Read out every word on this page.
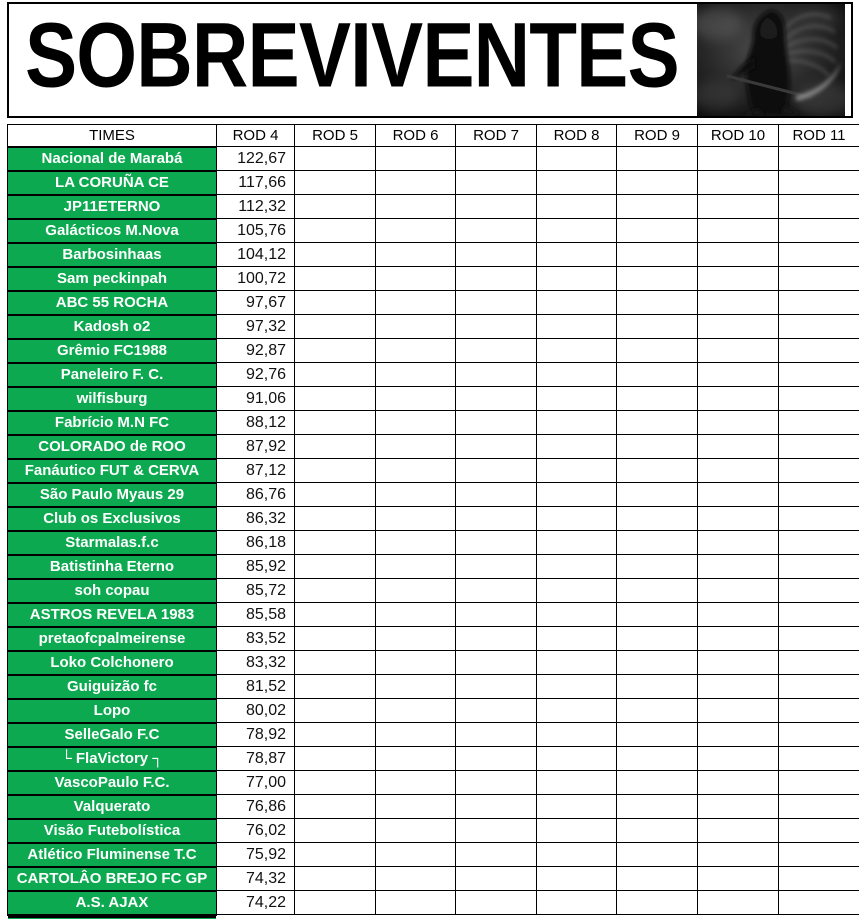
SOBREVIVENTES
TIMES	ROD 4	ROD 5	ROD 6	ROD 7	ROD 8	ROD 9	ROD 10	ROD 11
Nacional de Marabá	122,67							
LA CORUÑA CE	117,66							
JP11ETERNO	112,32							
Galácticos M.Nova	105,76							
Barbosinhaas	104,12							
Sam peckinpah	100,72							
ABC 55 ROCHA	97,67							
Kadosh o2	97,32							
Grêmio FC1988	92,87							
Paneleiro F. C.	92,76							
wilfisburg	91,06							
Fabrício M.N FC	88,12							
COLORADO de ROO	87,92							
Fanáutico FUT & CERVA	87,12							
São Paulo Myaus 29	86,76							
Club os Exclusivos	86,32							
Starmalas.f.c	86,18							
Batistinha Eterno	85,92							
soh copau	85,72							
ASTROS REVELA 1983	85,58							
pretaofcpalmeirense	83,52							
Loko Colchonero	83,32							
Guiguizão fc	81,52							
Lopo	80,02							
SelleGalo F.C	78,92							
└ FlaVictory ┐	78,87							
VascoPaulo F.C.	77,00							
Valquerato	76,86							
Visão Futebolística	76,02							
Atlético Fluminense T.C	75,92							
CARTOLÂO BREJO FC GP	74,32							
A.S. AJAX	74,22							
